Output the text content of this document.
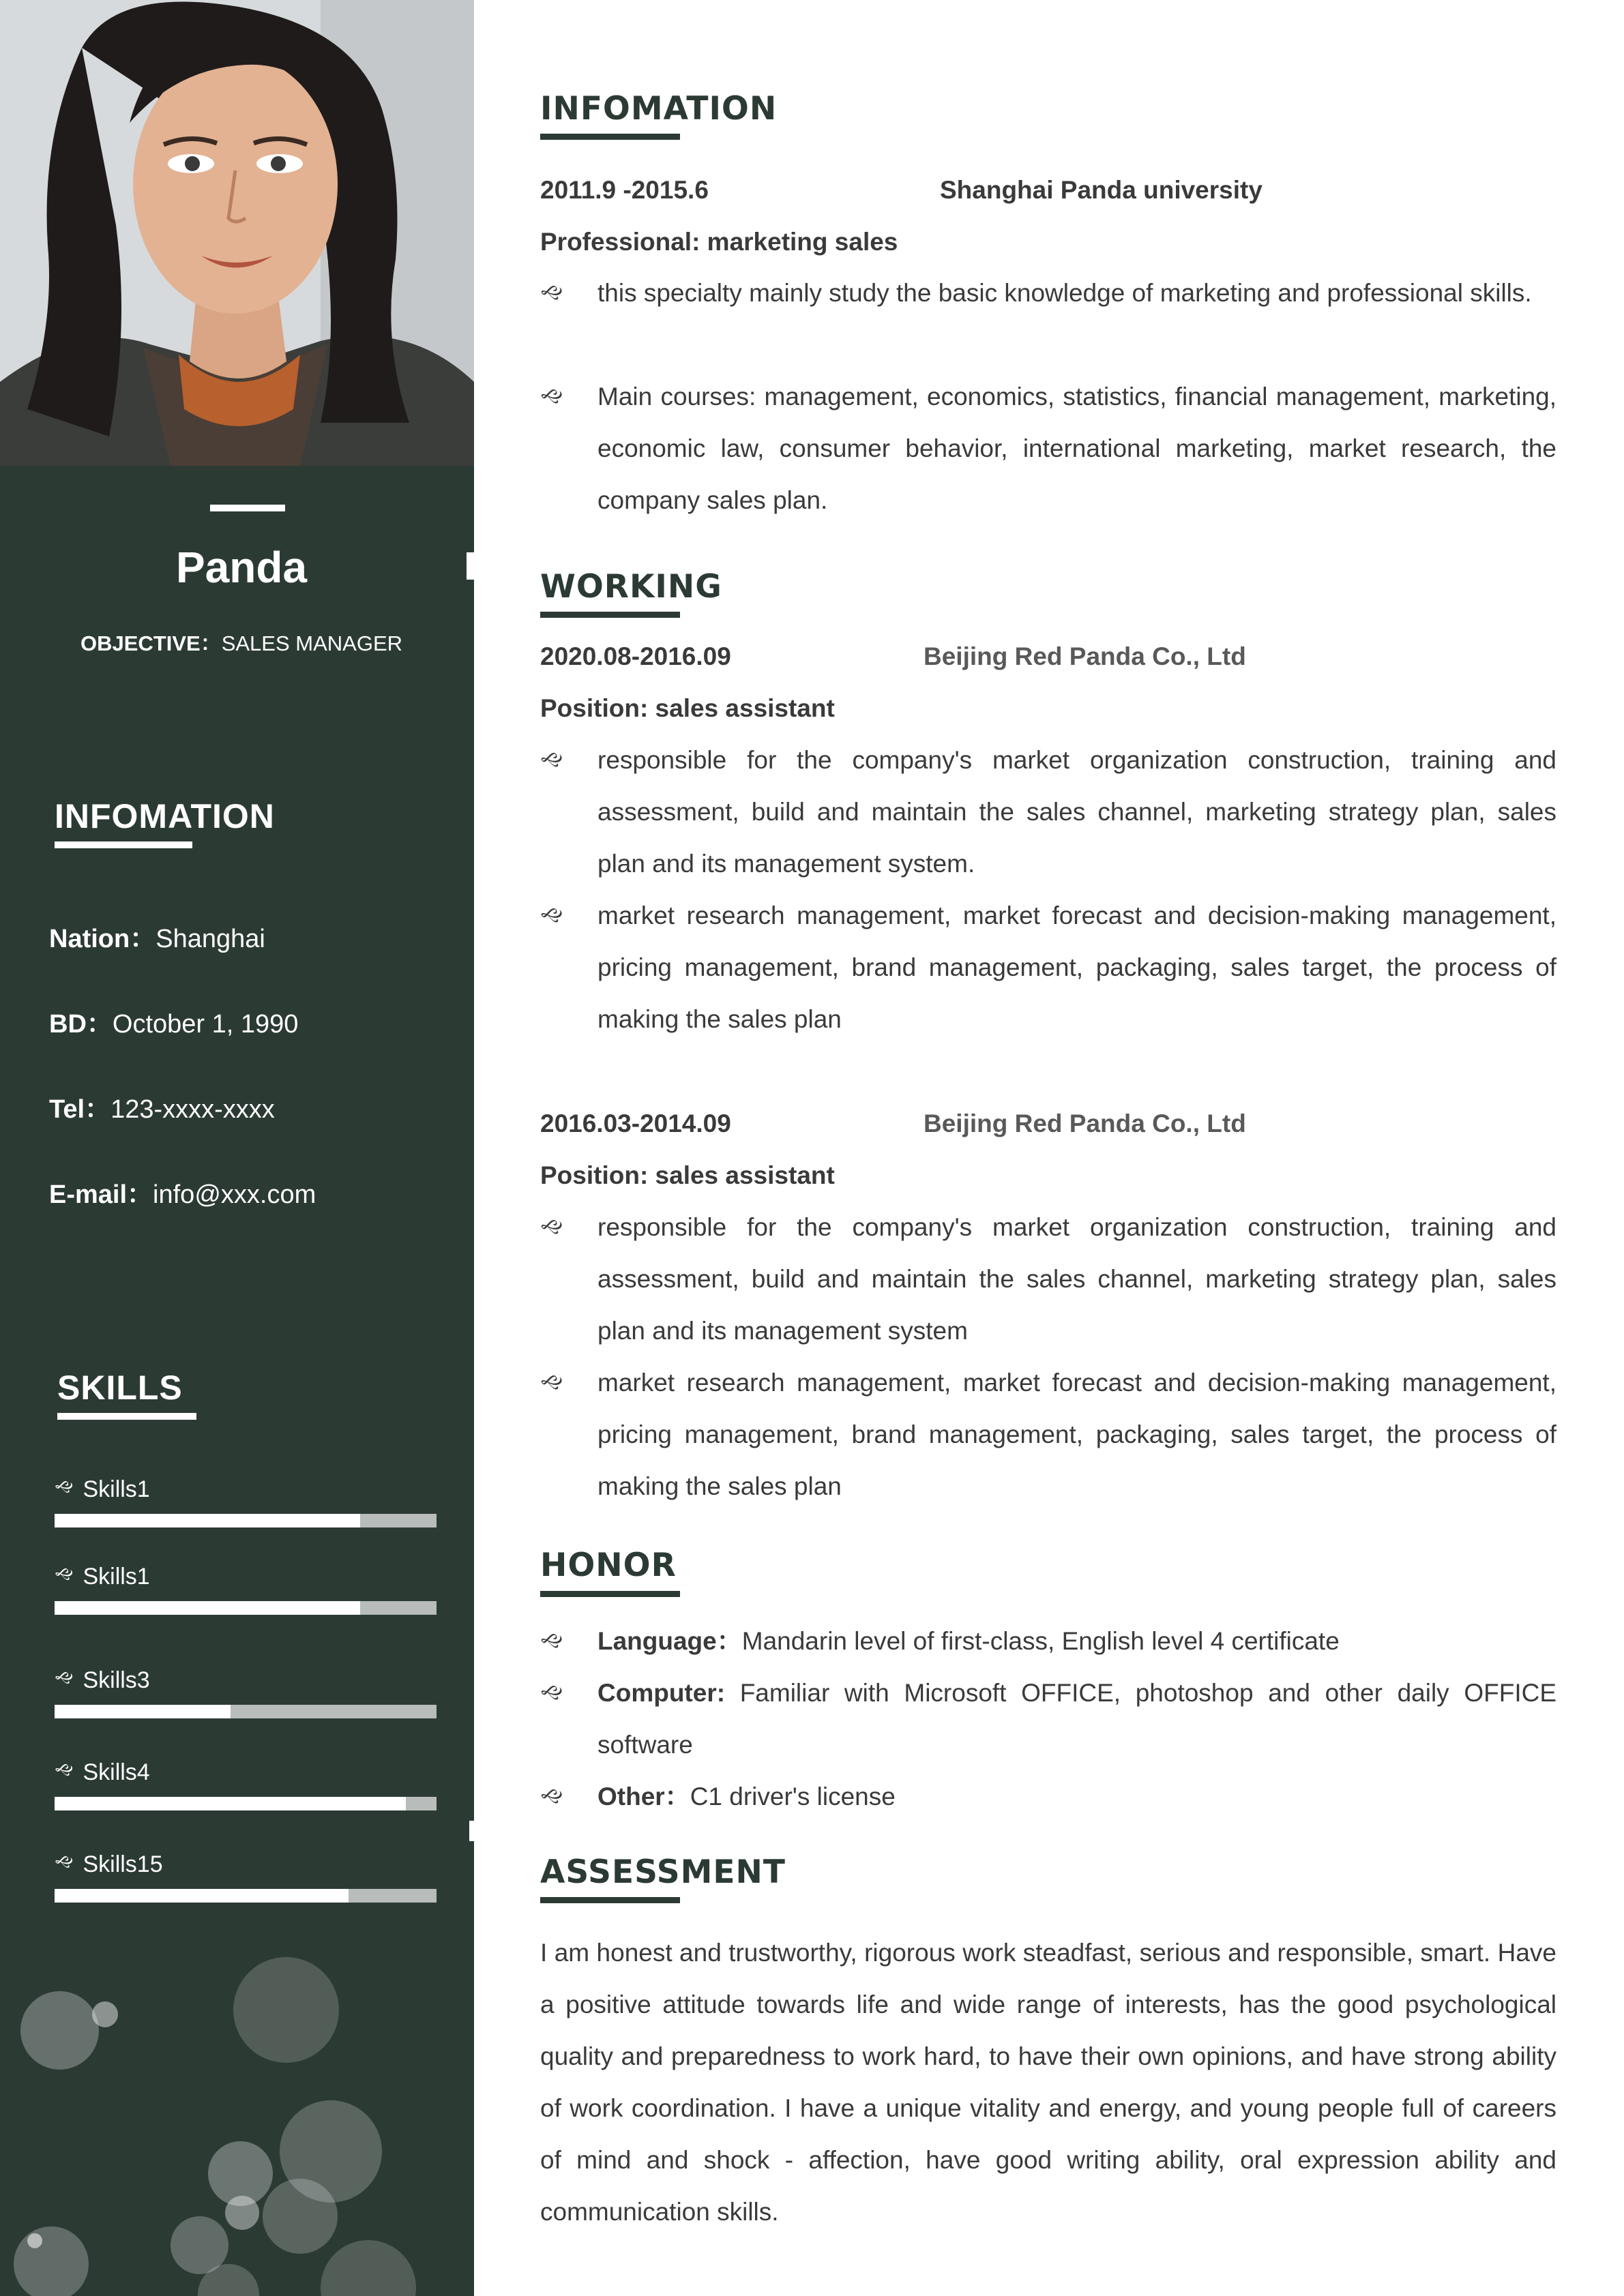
Panda
OBJECTIVE：SALES MANAGER
INFOMATION
Nation：Shanghai
BD：October 1, 1990
Tel：123-xxxx-xxxx
E-mail：info@xxx.com
SKILLS
🙙 Skills1
🙙 Skills1
🙙 Skills3
🙙 Skills4
🙙 Skills15
INFOMATION
2011.9 -2015.6	Shanghai Panda university
Professional: marketing sales
🙙	this specialty mainly study the basic knowledge of marketing and professional skills.
🙙	Main courses: management, economics, statistics, financial management, marketing, economic law, consumer behavior, international marketing, market research, the company sales plan.
WORKING
2020.08-2016.09	Beijing Red Panda Co., Ltd
Position: sales assistant
🙙	responsible for the company's market organization construction, training and assessment, build and maintain the sales channel, marketing strategy plan, sales plan and its management system.
🙙	market research management, market forecast and decision-making management, pricing management, brand management, packaging, sales target, the process of making the sales plan
2016.03-2014.09	Beijing Red Panda Co., Ltd
Position: sales assistant
🙙	responsible for the company's market organization construction, training and assessment, build and maintain the sales channel, marketing strategy plan, sales plan and its management system
🙙	market research management, market forecast and decision-making management, pricing management, brand management, packaging, sales target, the process of making the sales plan
HONOR
🙙	Language：Mandarin level of first-class, English level 4 certificate
🙙	Computer: Familiar with Microsoft OFFICE, photoshop and other daily OFFICE software
🙙	Other：C1 driver's license
ASSESSMENT
I am honest and trustworthy, rigorous work steadfast, serious and responsible, smart. Have a positive attitude towards life and wide range of interests, has the good psychological quality and preparedness to work hard, to have their own opinions, and have strong ability of work coordination. I have a unique vitality and energy, and young people full of careers of mind and shock - affection, have good writing ability, oral expression ability and communication skills.
